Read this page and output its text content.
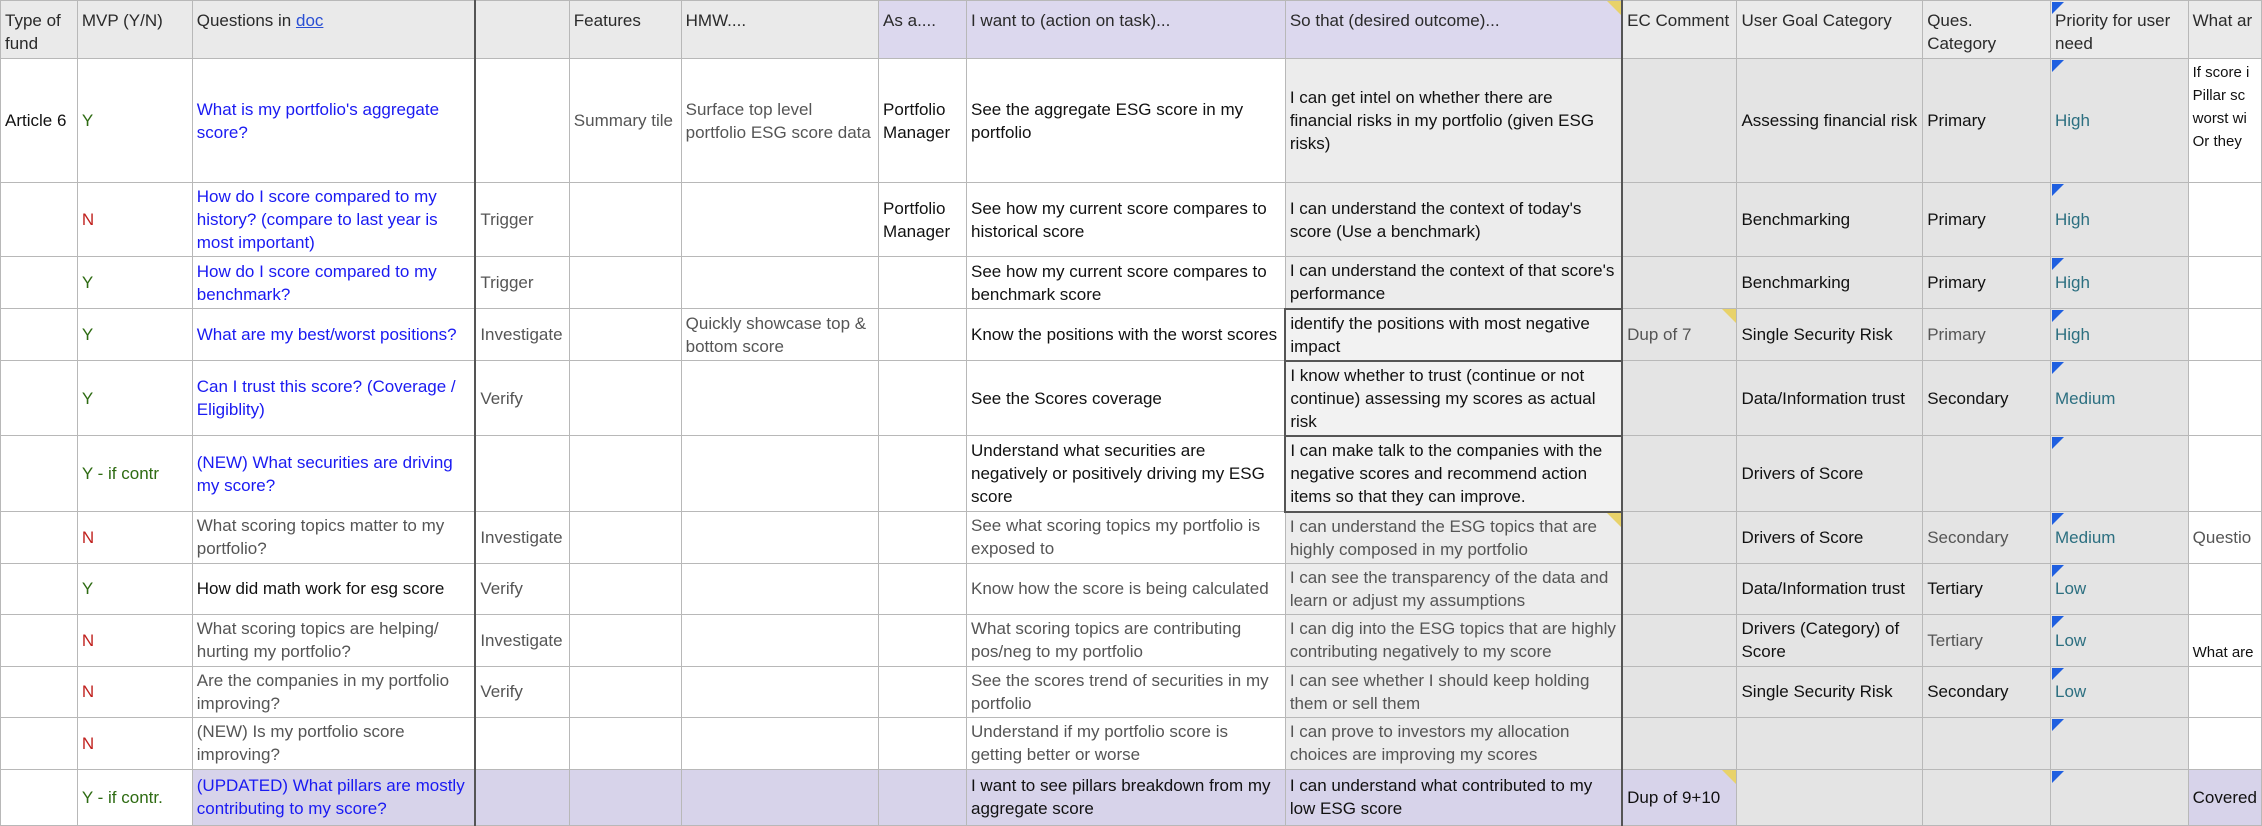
Type of fund	MVP (Y/N)	Questions in doc		Features	HMW....	As a....	I want to (action on task)...	So that (desired outcome)...	EC Comment	User Goal Category	Ques. Category	Priority for user need	What ar
Article 6	Y	What is my portfolio's aggregate score?		Summary tile	Surface top level portfolio ESG score data	Portfolio Manager	See the aggregate ESG score in my portfolio	I can get intel on whether there are financial risks in my portfolio (given ESG risks)		Assessing financial risk	Primary	High	If score i Pillar sc worst wi Or they
	N	How do I score compared to my history? (compare to last year is most important)	Trigger			Portfolio Manager	See how my current score compares to historical score	I can understand the context of today's score (Use a benchmark)		Benchmarking	Primary	High	
	Y	How do I score compared to my benchmark?	Trigger				See how my current score compares to benchmark score	I can understand the context of that score's performance		Benchmarking	Primary	High	
	Y	What are my best/worst positions?	Investigate		Quickly showcase top & bottom score		Know the positions with the worst scores	identify the positions with most negative impact	Dup of 7	Single Security Risk	Primary	High	
	Y	Can I trust this score? (Coverage / Eligiblity)	Verify				See the Scores coverage	I know whether to trust (continue or not continue) assessing my scores as actual risk		Data/Information trust	Secondary	Medium	
	Y - if contr	(NEW) What securities are driving my score?					Understand what securities are negatively or positively driving my ESG score	I can make talk to the companies with the negative scores and recommend action items so that they can improve.		Drivers of Score		

	N	What scoring topics matter to my portfolio?	Investigate				See what scoring topics my portfolio is exposed to	I can understand the ESG topics that are highly composed in my portfolio		Drivers of Score	Secondary	Medium	Questio
	Y	How did math work for esg score	Verify				Know how the score is being calculated	I can see the transparency of the data and learn or adjust my assumptions		Data/Information trust	Tertiary	Low	
	N	What scoring topics are helping/ hurting my portfolio?	Investigate				What scoring topics are contributing pos/neg to my portfolio	I can dig into the ESG topics that are highly contributing negatively to my score		Drivers (Category) of Score	Tertiary	Low	What are
	N	Are the companies in my portfolio improving?	Verify				See the scores trend of securities in my portfolio	I can see whether I should keep holding them or sell them		Single Security Risk	Secondary	Low	
	N	(NEW) Is my portfolio score improving?					Understand if my portfolio score is getting better or worse	I can prove to investors my allocation choices are improving my scores				

	Y - if contr.	(UPDATED) What pillars are mostly contributing to my score?					I want to see pillars breakdown from my aggregate score	I can understand what contributed to my low ESG score	Dup of 9+10				Covered
